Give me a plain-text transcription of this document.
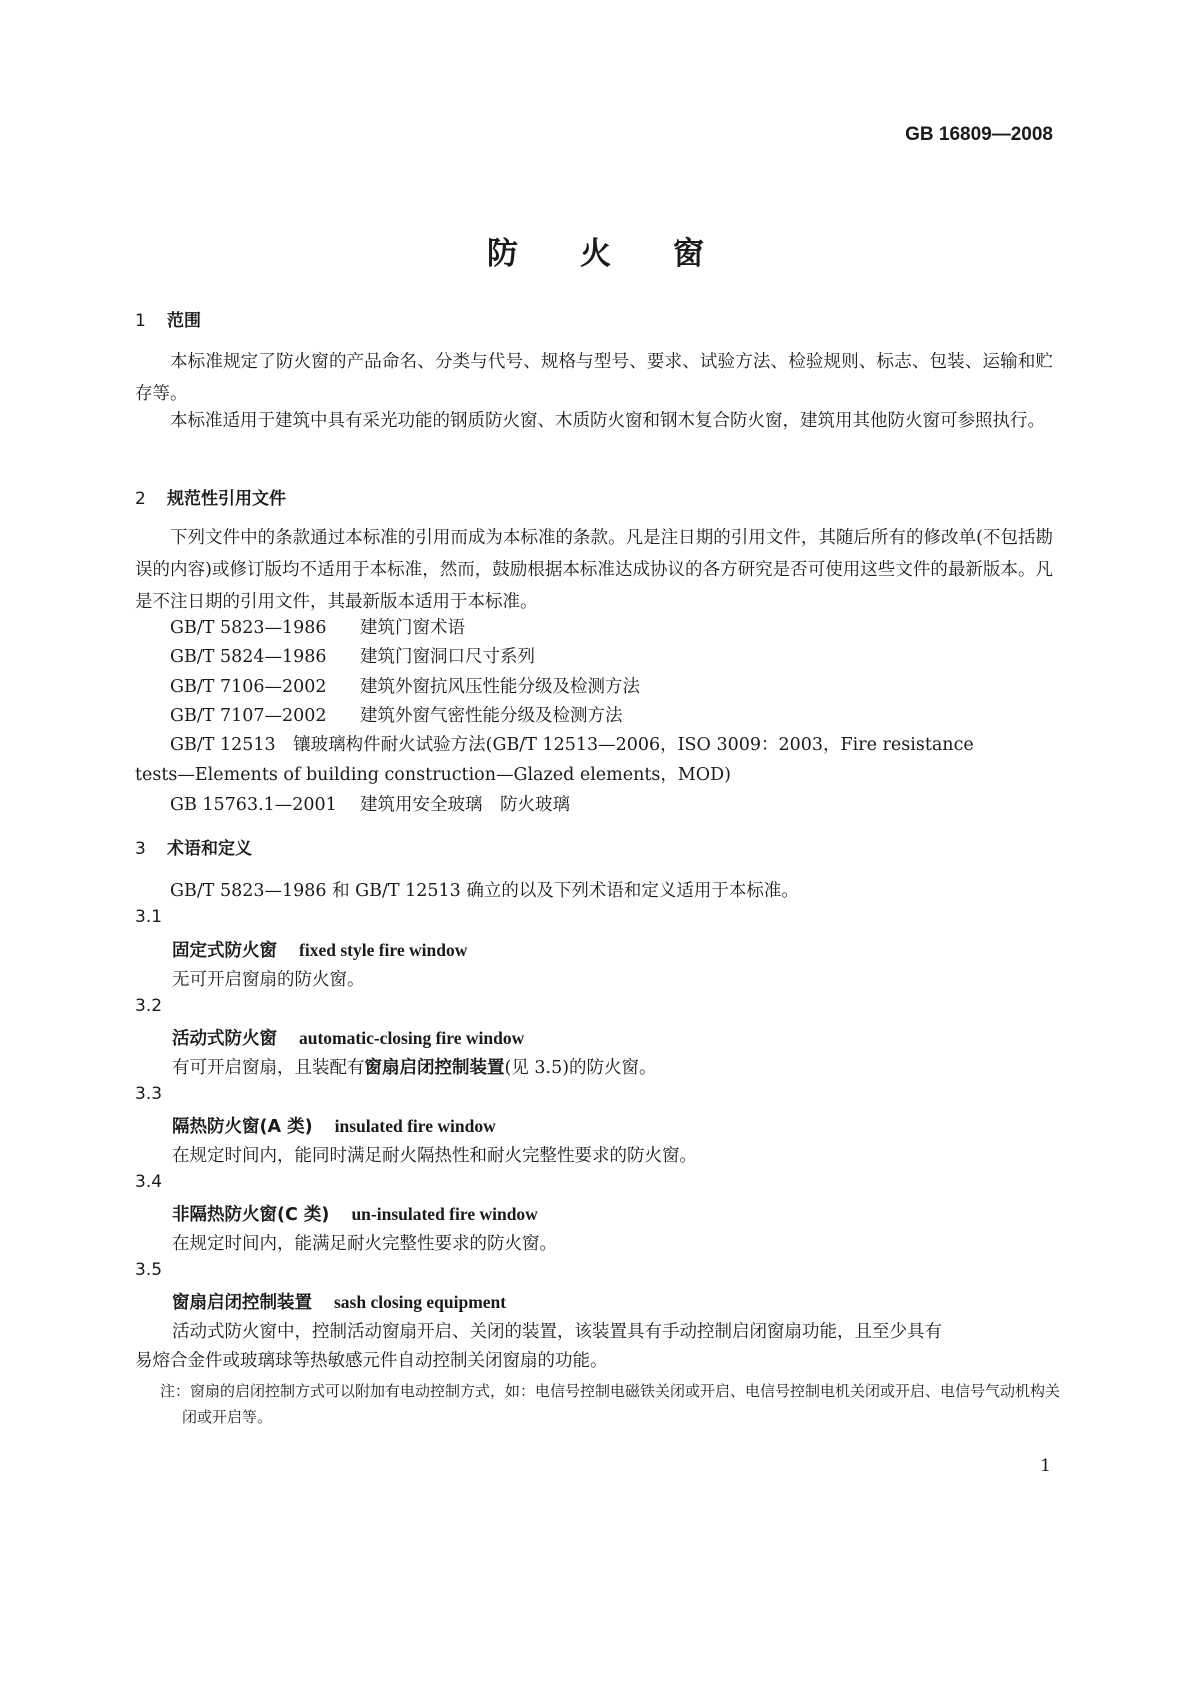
GB 16809—2008
防　　火　　窗
1 范围

本标准规定了防火窗的产品命名、分类与代号、规格与型号、要求、试验方法、检验规则、标志、包装、运输和贮存等。

本标准适用于建筑中具有采光功能的钢质防火窗、木质防火窗和钢木复合防火窗，建筑用其他防火窗可参照执行。

2 规范性引用文件

下列文件中的条款通过本标准的引用而成为本标准的条款。凡是注日期的引用文件，其随后所有的修改单(不包括勘误的内容)或修订版均不适用于本标准，然而，鼓励根据本标准达成协议的各方研究是否可使用这些文件的最新版本。凡是不注日期的引用文件，其最新版本适用于本标准。

GB/T 5823—1986 建筑门窗术语
GB/T 5824—1986 建筑门窗洞口尺寸系列
GB/T 7106—2002 建筑外窗抗风压性能分级及检测方法
GB/T 7107—2002 建筑外窗气密性能分级及检测方法
GB/T 12513　镶玻璃构件耐火试验方法(GB/T 12513—2006，ISO 3009：2003，Fire resistance
tests—Elements of building construction—Glazed elements，MOD)
GB 15763.1—2001 建筑用安全玻璃　防火玻璃
3 术语和定义
GB/T 5823—1986 和 GB/T 12513 确立的以及下列术语和定义适用于本标准。
3.1
固定式防火窗 fixed style fire window
无可开启窗扇的防火窗。
3.2
活动式防火窗 automatic-closing fire window
有可开启窗扇，且装配有窗扇启闭控制装置(见 3.5)的防火窗。
3.3
隔热防火窗(A 类) insulated fire window
在规定时间内，能同时满足耐火隔热性和耐火完整性要求的防火窗。
3.4
非隔热防火窗(C 类) un-insulated fire window
在规定时间内，能满足耐火完整性要求的防火窗。
3.5
窗扇启闭控制装置 sash closing equipment
活动式防火窗中，控制活动窗扇开启、关闭的装置，该装置具有手动控制启闭窗扇功能，且至少具有
易熔合金件或玻璃球等热敏感元件自动控制关闭窗扇的功能。

注：窗扇的启闭控制方式可以附加有电动控制方式，如：电信号控制电磁铁关闭或开启、电信号控制电机关闭或开启、电信号气动机构关闭或开启等。

1
